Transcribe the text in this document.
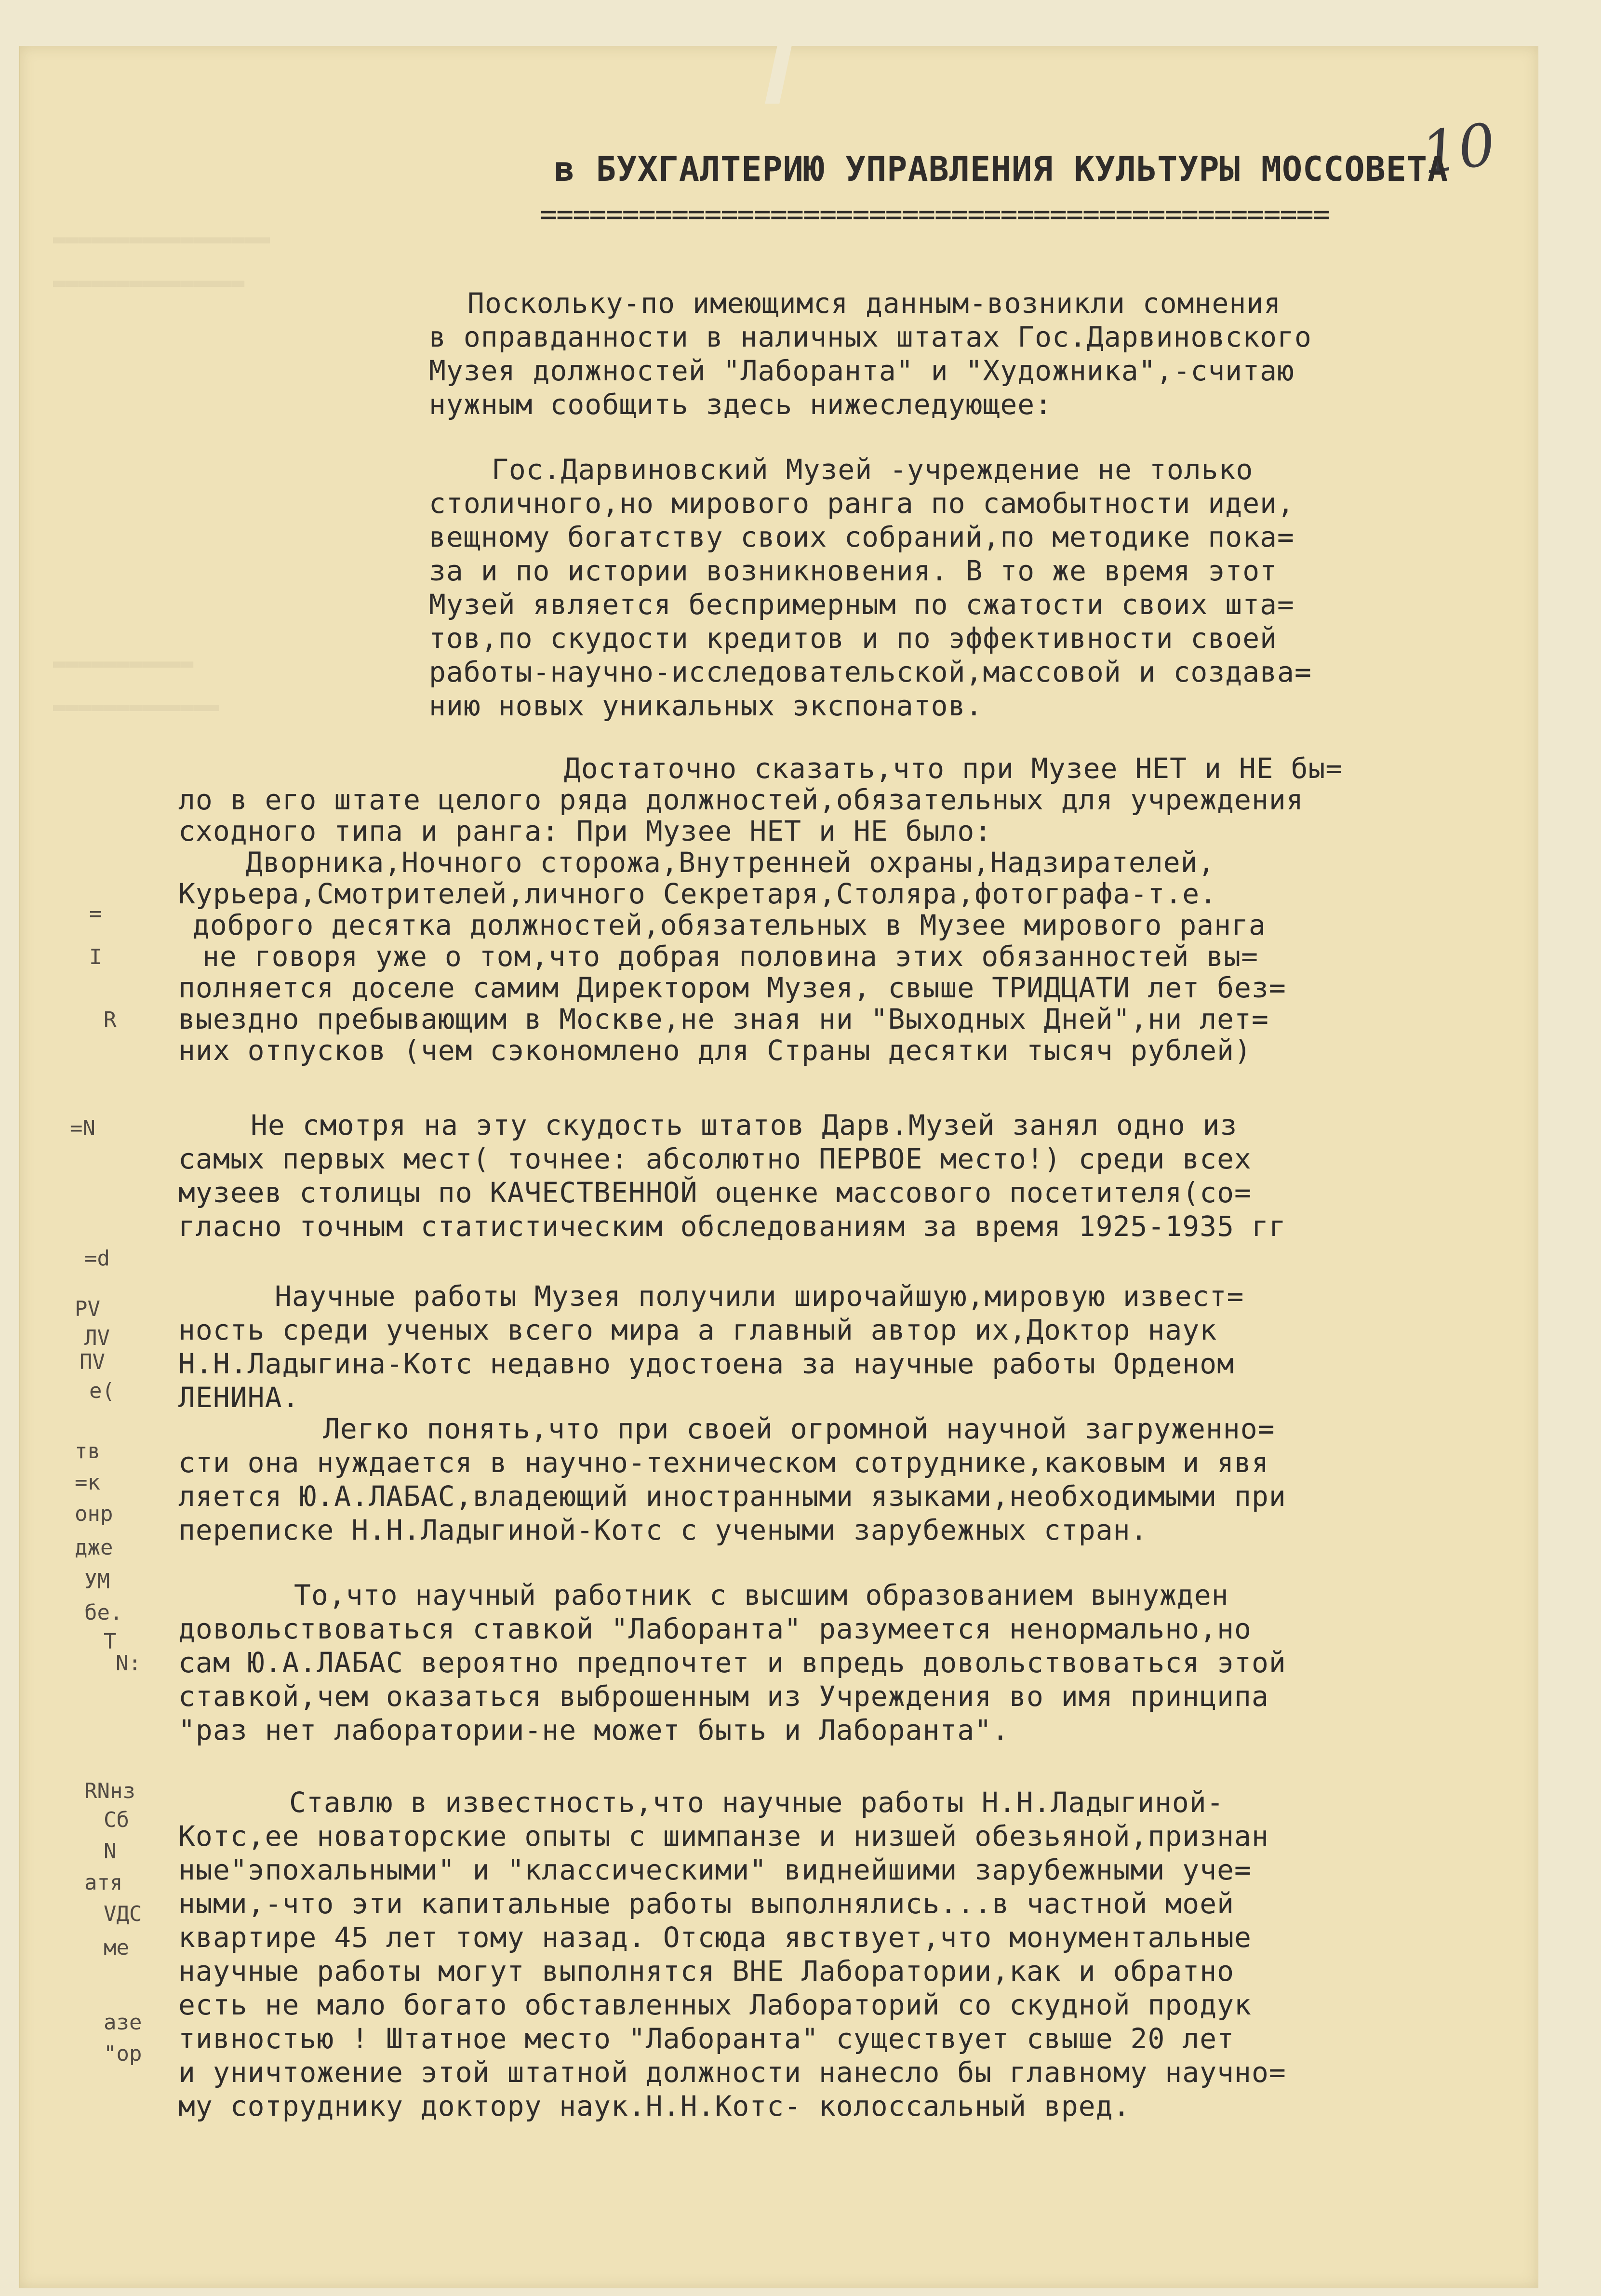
▬▬▬▬▬▬▬▬▬▬▬▬▬▬▬▬▬
▬▬▬▬▬▬▬▬▬▬▬▬▬▬▬
▬▬▬▬▬▬▬▬▬▬▬
▬▬▬▬▬▬▬▬▬▬▬▬▬
10
в БУХГАЛТЕРИЮ УПРАВЛЕНИЯ КУЛЬТУРЫ МОССОВЕТА
================================================
Поскольку-по имеющимся данным-возникли сомнения
в оправданности в наличных штатах Гос.Дарвиновского
Музея должностей "Лаборанта" и "Художника",-считаю
нужным сообщить здесь нижеследующее:
Гос.Дарвиновский Музей -учреждение не только
столичного,но мирового ранга по самобытности идеи,
вещному богатству своих собраний,по методике пока=
за и по истории возникновения. В то же время этот
Музей является беспримерным по сжатости своих шта=
тов,по скудости кредитов и по эффективности своей
работы-научно-исследовательской,массовой и создава=
нию новых уникальных экспонатов.
Достаточно сказать,что при Музее НЕТ и НЕ бы=
ло в его штате целого ряда должностей,обязательных для учреждения
сходного типа и ранга: При Музее НЕТ и НЕ было:
Дворника,Ночного сторожа,Внутренней охраны,Надзирателей,
Курьера,Смотрителей,личного Секретаря,Столяра,фотографа-т.е.
доброго десятка должностей,обязательных в Музее мирового ранга
не говоря уже о том,что добрая половина этих обязанностей вы=
полняется доселе самим Директором Музея, свыше ТРИДЦАТИ лет без=
выездно пребывающим в Москве,не зная ни "Выходных Дней",ни лет=
них отпусков (чем сэкономлено для Страны десятки тысяч рублей)
Не смотря на эту скудость штатов Дарв.Музей занял одно из
самых первых мест( точнее: абсолютно ПЕРВОЕ место!) среди всех
музеев столицы по КАЧЕСТВЕННОЙ оценке массового посетителя(со=
гласно точным статистическим обследованиям за время 1925-1935 гг
Научные работы Музея получили широчайшую,мировую извест=
ность среди ученых всего мира а главный автор их,Доктор наук
Н.Н.Ладыгина-Котс недавно удостоена за научные работы Орденом
ЛЕНИНА.
Легко понять,что при своей огромной научной загруженно=
сти она нуждается в научно-техническом сотруднике,каковым и явя
ляется Ю.А.ЛАБАС,владеющий иностранными языками,необходимыми при
переписке Н.Н.Ладыгиной-Котс с учеными зарубежных стран.
То,что научный работник с высшим образованием вынужден
довольствоваться ставкой "Лаборанта" разумеется ненормально,но
сам Ю.А.ЛАБАС вероятно предпочтет и впредь довольствоваться этой
ставкой,чем оказаться выброшенным из Учреждения во имя принципа
"раз нет лаборатории-не может быть и Лаборанта".
Ставлю в известность,что научные работы Н.Н.Ладыгиной-
Котс,ее новаторские опыты с шимпанзе и низшей обезьяной,признан
ные"эпохальными" и "классическими" виднейшими зарубежными уче=
ными,-что эти капитальные работы выполнялись...в частной моей
квартире 45 лет тому назад. Отсюда явствует,что монументальные
научные работы могут выполнятся ВНЕ Лаборатории,как и обратно
есть не мало богато обставленных Лабораторий со скудной продук
тивностью ! Штатное место "Лаборанта" существует свыше 20 лет
и уничтожение этой штатной должности нанесло бы главному научно=
му сотруднику доктору наук.Н.Н.Котс- колоссальный вред.
=
I
R
=N
=d
PV
ЛV
ПV
e(
тв
=к
онр
дже
УМ
бе.
Т
N:
RNнз
Сб
N
атя
VДС
ме
азе
"ор
